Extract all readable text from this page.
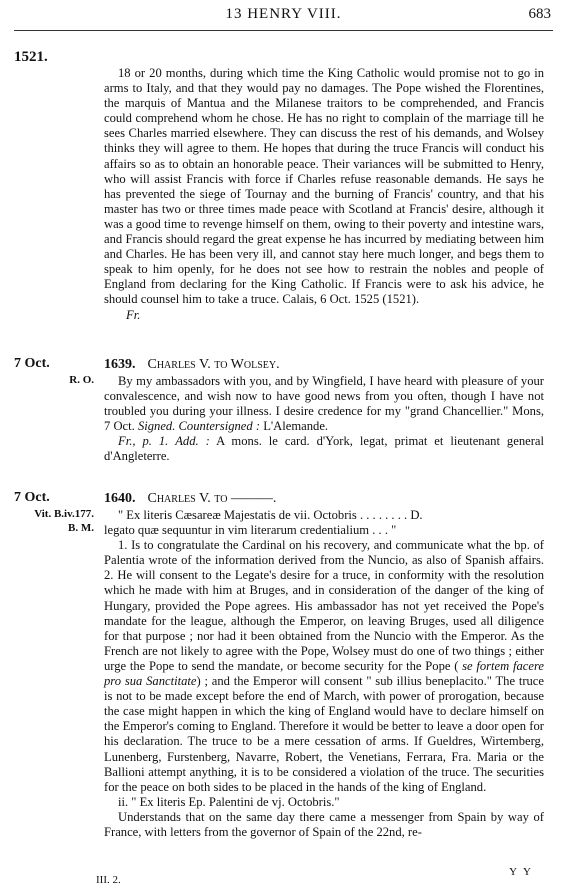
13 HENRY VIII.	683
1521.

18 or 20 months, during which time the King Catholic would promise not to go in arms to Italy, and that they would pay no damages. The Pope wished the Florentines, the marquis of Mantua and the Milanese traitors to be comprehended, and Francis could comprehend whom he chose. He has no right to complain of the marriage till he sees Charles married elsewhere. They can discuss the rest of his demands, and Wolsey thinks they will agree to them. He hopes that during the truce Francis will conduct his affairs so as to obtain an honorable peace. Their variances will be submitted to Henry, who will assist Francis with force if Charles refuse reasonable demands. He says he has prevented the siege of Tournay and the burning of Francis' country, and that his master has two or three times made peace with Scotland at Francis' desire, although it was a good time to revenge himself on them, owing to their poverty and intestine wars, and Francis should regard the great expense he has incurred by mediating between him and Charles. He has been very ill, and cannot stay here much longer, and begs them to speak to him openly, for he does not see how to restrain the nobles and people of England from declaring for the King Catholic. If Francis were to ask his advice, he should counsel him to take a truce. Calais, 6 Oct. 1525 (1521).

Fr.

7 Oct.
R. O.
1639. Charles V. to Wolsey.

By my ambassadors with you, and by Wingfield, I have heard with pleasure of your convalescence, and wish now to have good news from you often, though I have not troubled you during your illness. I desire credence for my "grand Chancellier." Mons, 7 Oct. Signed. Countersigned : L'Alemande.

Fr., p. 1. Add. : A mons. le card. d'York, legat, primat et lieutenant general d'Angleterre.

7 Oct.
Vit. B.iv.177.
B. M.
1640. Charles V. to ———.

" Ex literis Cæsareæ Majestatis de vii. Octobris . . . . . . . . D.

legato quæ sequuntur in vim literarum credentialium . . . "

1. Is to congratulate the Cardinal on his recovery, and communicate what the bp. of Palentia wrote of the information derived from the Nuncio, as also of Spanish affairs. 2. He will consent to the Legate's desire for a truce, in conformity with the resolution which he made with him at Bruges, and in consideration of the danger of the king of Hungary, provided the Pope agrees. His ambassador has not yet received the Pope's mandate for the league, although the Emperor, on leaving Bruges, used all diligence for that purpose ; nor had it been obtained from the Nuncio with the Emperor. As the French are not likely to agree with the Pope, Wolsey must do one of two things ; either urge the Pope to send the mandate, or become security for the Pope ( se fortem facere pro sua Sanctitate) ; and the Emperor will consent " sub illius beneplacito." The truce is not to be made except before the end of March, with power of prorogation, because the case might happen in which the king of England would have to declare himself on the Emperor's coming to England. Therefore it would be better to leave a door open for his declaration. The truce to be a mere cessation of arms. If Gueldres, Wirtemberg, Lunenberg, Furstenberg, Navarre, Robert, the Venetians, Ferrara, Fra. Maria or the Ballioni attempt anything, it is to be considered a violation of the truce. The securities for the peace on both sides to be placed in the hands of the king of England.

ii. " Ex literis Ep. Palentini de vj. Octobris."

Understands that on the same day there came a messenger from Spain by way of France, with letters from the governor of Spain of the 22nd, re-

III. 2.
Y Y
